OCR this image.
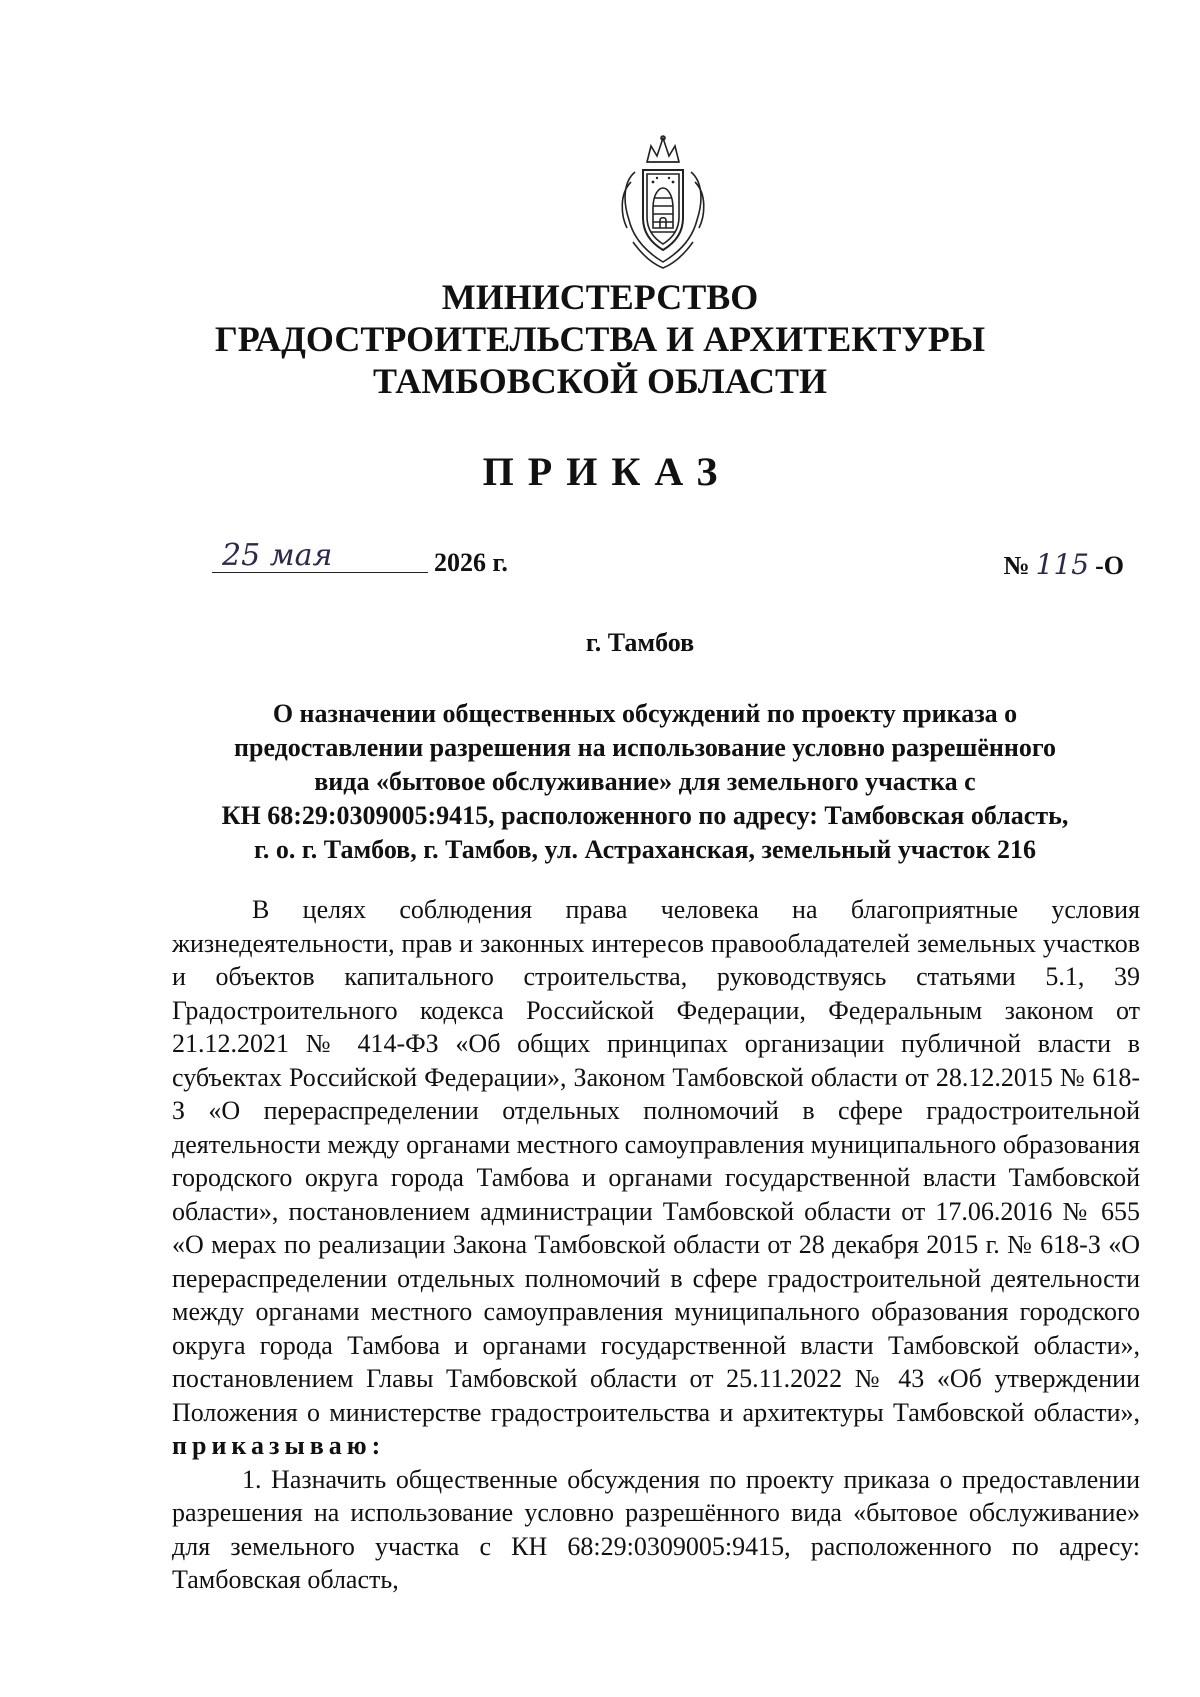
МИНИСТЕРСТВО
ГРАДОСТРОИТЕЛЬСТВА И АРХИТЕКТУРЫ
ТАМБОВСКОЙ ОБЛАСТИ
ПРИКАЗ
25 мая	2026 г.	№ 115 -О
г. Тамбов
О назначении общественных обсуждений по проекту приказа о
предоставлении разрешения на использование условно разрешённого
вида «бытовое обслуживание» для земельного участка с
КН 68:29:0309005:9415, расположенного по адресу: Тамбовская область,
г. о. г. Тамбов, г. Тамбов, ул. Астраханская, земельный участок 216

В целях соблюдения права человека на благоприятные условия жизнедеятельности, прав и законных интересов правообладателей земельных участков и объектов капитального строительства, руководствуясь статьями 5.1, 39 Градостроительного кодекса Российской Федерации, Федеральным законом от 21.12.2021 № 414-ФЗ «Об общих принципах организации публичной власти в субъектах Российской Федерации», Законом Тамбовской области от 28.12.2015 № 618-З «О перераспределении отдельных полномочий в сфере градостроительной деятельности между органами местного самоуправления муниципального образования городского округа города Тамбова и органами государственной власти Тамбовской области», постановлением администрации Тамбовской области от 17.06.2016 № 655 «О мерах по реализации Закона Тамбовской области от 28 декабря 2015 г. № 618-З «О перераспределении отдельных полномочий в сфере градостроительной деятельности между органами местного самоуправления муниципального образования городского округа города Тамбова и органами государственной власти Тамбовской области», постановлением Главы Тамбовской области от 25.11.2022 № 43 «Об утверждении Положения о министерстве градостроительства и архитектуры Тамбовской области», приказываю:

1. Назначить общественные обсуждения по проекту приказа о предоставлении разрешения на использование условно разрешённого вида «бытовое обслуживание» для земельного участка с КН 68:29:0309005:9415, расположенного по адресу: Тамбовская область,
